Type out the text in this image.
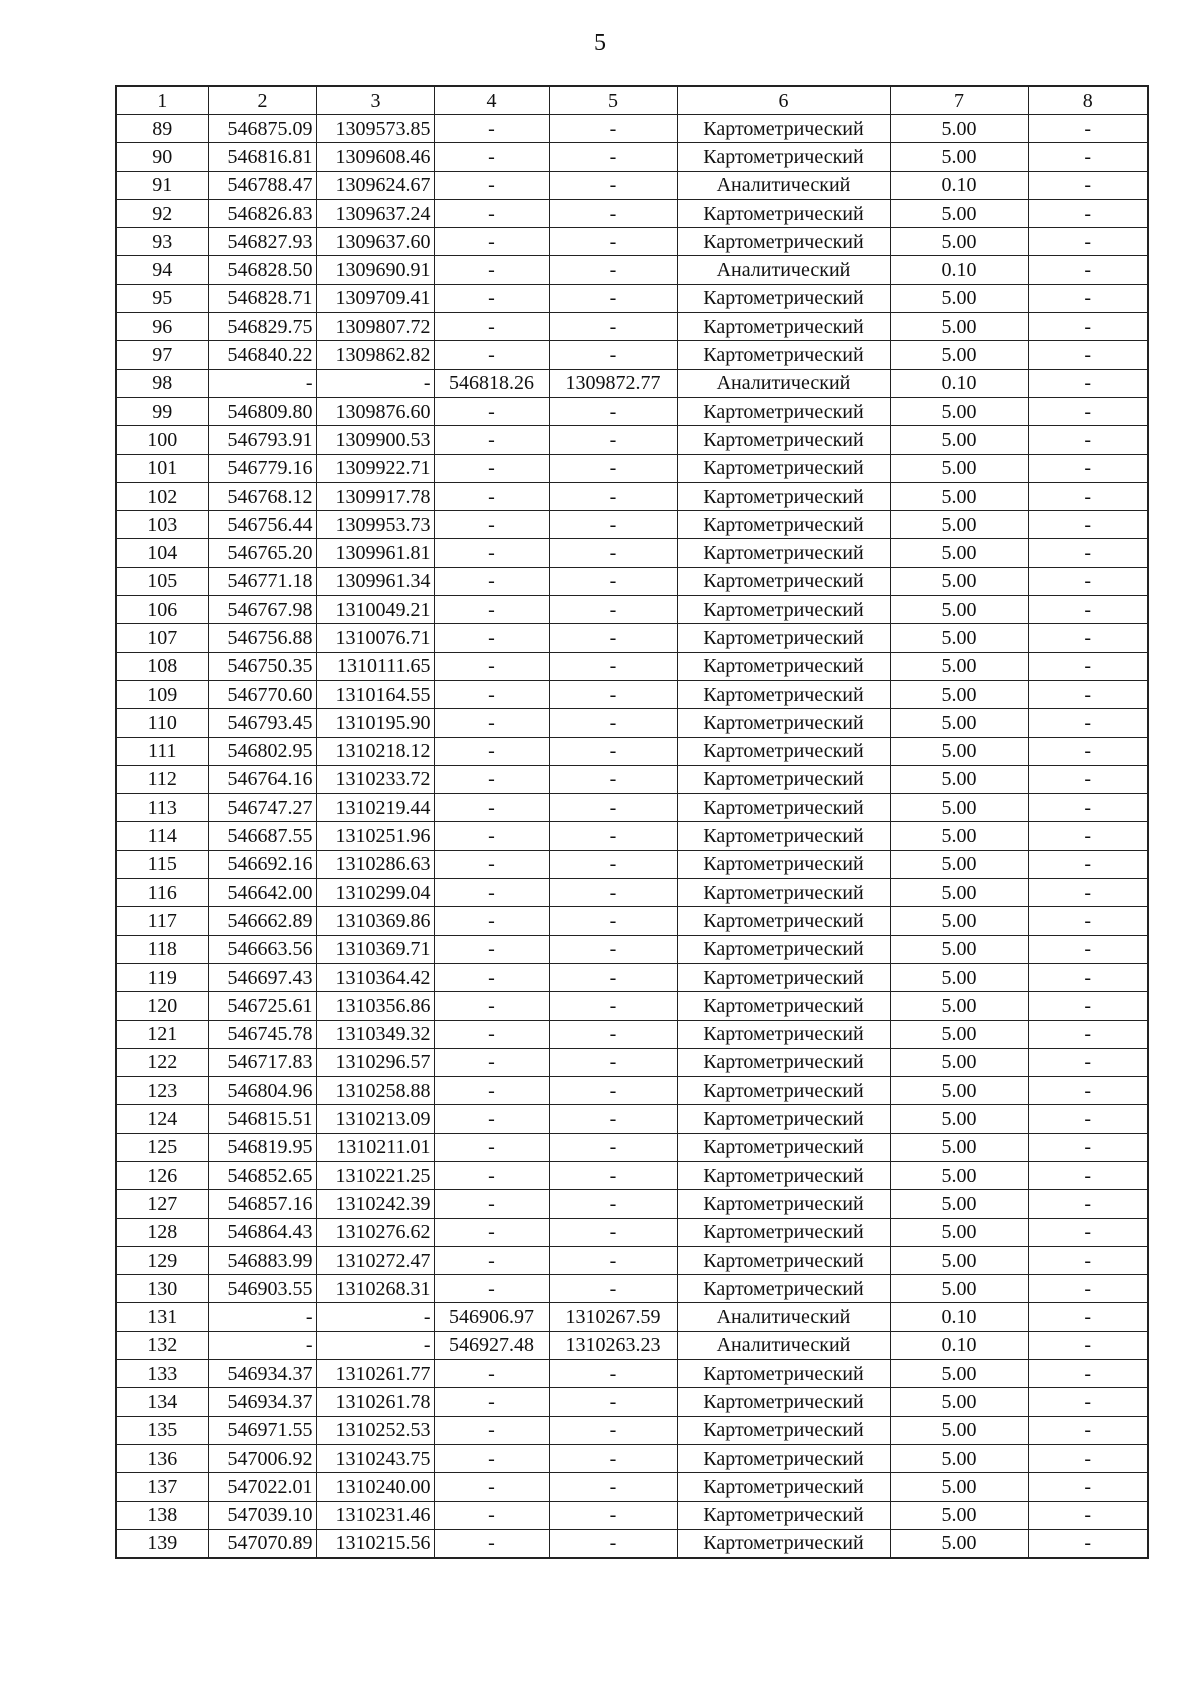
5
1	2	3	4	5	6	7	8
89	546875.09	1309573.85	-	-	Картометрический	5.00	-
90	546816.81	1309608.46	-	-	Картометрический	5.00	-
91	546788.47	1309624.67	-	-	Аналитический	0.10	-
92	546826.83	1309637.24	-	-	Картометрический	5.00	-
93	546827.93	1309637.60	-	-	Картометрический	5.00	-
94	546828.50	1309690.91	-	-	Аналитический	0.10	-
95	546828.71	1309709.41	-	-	Картометрический	5.00	-
96	546829.75	1309807.72	-	-	Картометрический	5.00	-
97	546840.22	1309862.82	-	-	Картометрический	5.00	-
98	-	-	546818.26	1309872.77	Аналитический	0.10	-
99	546809.80	1309876.60	-	-	Картометрический	5.00	-
100	546793.91	1309900.53	-	-	Картометрический	5.00	-
101	546779.16	1309922.71	-	-	Картометрический	5.00	-
102	546768.12	1309917.78	-	-	Картометрический	5.00	-
103	546756.44	1309953.73	-	-	Картометрический	5.00	-
104	546765.20	1309961.81	-	-	Картометрический	5.00	-
105	546771.18	1309961.34	-	-	Картометрический	5.00	-
106	546767.98	1310049.21	-	-	Картометрический	5.00	-
107	546756.88	1310076.71	-	-	Картометрический	5.00	-
108	546750.35	1310111.65	-	-	Картометрический	5.00	-
109	546770.60	1310164.55	-	-	Картометрический	5.00	-
110	546793.45	1310195.90	-	-	Картометрический	5.00	-
111	546802.95	1310218.12	-	-	Картометрический	5.00	-
112	546764.16	1310233.72	-	-	Картометрический	5.00	-
113	546747.27	1310219.44	-	-	Картометрический	5.00	-
114	546687.55	1310251.96	-	-	Картометрический	5.00	-
115	546692.16	1310286.63	-	-	Картометрический	5.00	-
116	546642.00	1310299.04	-	-	Картометрический	5.00	-
117	546662.89	1310369.86	-	-	Картометрический	5.00	-
118	546663.56	1310369.71	-	-	Картометрический	5.00	-
119	546697.43	1310364.42	-	-	Картометрический	5.00	-
120	546725.61	1310356.86	-	-	Картометрический	5.00	-
121	546745.78	1310349.32	-	-	Картометрический	5.00	-
122	546717.83	1310296.57	-	-	Картометрический	5.00	-
123	546804.96	1310258.88	-	-	Картометрический	5.00	-
124	546815.51	1310213.09	-	-	Картометрический	5.00	-
125	546819.95	1310211.01	-	-	Картометрический	5.00	-
126	546852.65	1310221.25	-	-	Картометрический	5.00	-
127	546857.16	1310242.39	-	-	Картометрический	5.00	-
128	546864.43	1310276.62	-	-	Картометрический	5.00	-
129	546883.99	1310272.47	-	-	Картометрический	5.00	-
130	546903.55	1310268.31	-	-	Картометрический	5.00	-
131	-	-	546906.97	1310267.59	Аналитический	0.10	-
132	-	-	546927.48	1310263.23	Аналитический	0.10	-
133	546934.37	1310261.77	-	-	Картометрический	5.00	-
134	546934.37	1310261.78	-	-	Картометрический	5.00	-
135	546971.55	1310252.53	-	-	Картометрический	5.00	-
136	547006.92	1310243.75	-	-	Картометрический	5.00	-
137	547022.01	1310240.00	-	-	Картометрический	5.00	-
138	547039.10	1310231.46	-	-	Картометрический	5.00	-
139	547070.89	1310215.56	-	-	Картометрический	5.00	-
